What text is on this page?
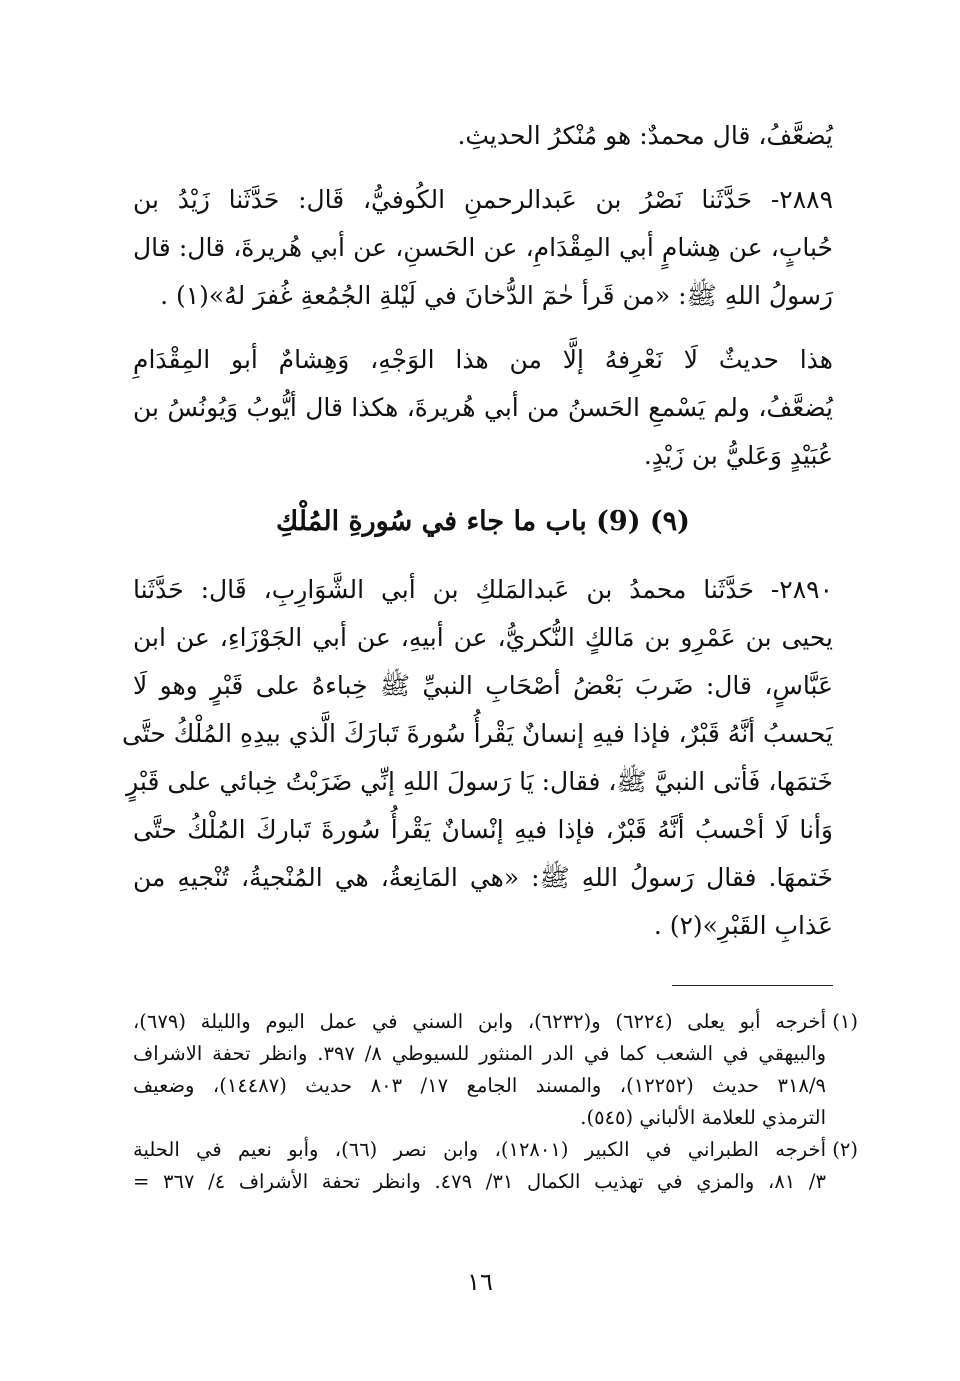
يُضعَّفُ، قال محمدٌ: هو مُنْكرُ الحديثِ.
٢٨٨٩- حَدَّثَنا نَصْرُ بن عَبدالرحمنِ الكُوفيُّ، قَال: حَدَّثَنا زَيْدُ بن
حُبابٍ، عن هِشامٍ أبي المِقْدَامِ، عن الحَسنِ، عن أبي هُريرةَ، قال: قال
رَسولُ اللهِ ﷺ: «من قَرأ حٰمٓ الدُّخانَ في لَيْلةِ الجُمُعةِ غُفرَ لهُ»(١) .
هذا حديثٌ لَا نَعْرِفهُ إلَّا من هذا الوَجْهِ، وَهِشامٌ أبو المِقْدَامِ
يُضعَّفُ، ولم يَسْمعِ الحَسنُ من أبي هُريرةَ، هكذا قال أيُّوبُ وَيُونُسُ بن
عُبَيْدٍ وَعَليُّ بن زَيْدٍ.
(٩) (9) باب ما جاء في سُورةِ المُلْكِ
٢٨٩٠- حَدَّثَنا محمدُ بن عَبدالمَلكِ بن أبي الشَّوَارِبِ، قَال: حَدَّثَنا
يحيى بن عَمْرِو بن مَالكٍ النُّكريُّ، عن أبيهِ، عن أبي الجَوْزَاءِ، عن ابن
عَبَّاسٍ، قال: ضَربَ بَعْضُ أصْحَابِ النبيِّ ﷺ خِباءهُ على قَبْرٍ وهو لَا
يَحسبُ أنَّهُ قَبْرٌ، فإذا فيهِ إنسانٌ يَقْرأُ سُورةَ تَبارَكَ الَّذي بيدِهِ المُلْكُ حتَّى
خَتمَها، فَأتى النبيَّ ﷺ، فقال: يَا رَسولَ اللهِ إنِّي ضَرَبْتُ خِبائي على قَبْرٍ
وَأنا لَا أحْسبُ أنَّهُ قَبْرٌ، فإذا فيهِ إنْسانٌ يَقْرأُ سُورةَ تَباركَ المُلْكُ حتَّى
خَتمهَا. فقال رَسولُ اللهِ ﷺ: «هي المَانِعةُ، هي المُنْجيةُ، تُنْجيهِ من
عَذابِ القَبْرِ»(٢) .
(١)
أخرجه أبو يعلى (٦٢٢٤) و(٦٢٣٢)، وابن السني في عمل اليوم والليلة (٦٧٩)،
والبيهقي في الشعب كما في الدر المنثور للسيوطي ٨/ ٣٩٧. وانظر تحفة الاشراف
٣١٨/٩ حديث (١٢٢٥٢)، والمسند الجامع ١٧/ ٨٠٣ حديث (١٤٤٨٧)، وضعيف
الترمذي للعلامة الألباني (٥٤٥).
(٢)
أخرجه الطبراني في الكبير (١٢٨٠١)، وابن نصر (٦٦)، وأبو نعيم في الحلية
٣/ ٨١، والمزي في تهذيب الكمال ٣١/ ٤٧٩. وانظر تحفة الأشراف ٤/ ٣٦٧ =
١٦
